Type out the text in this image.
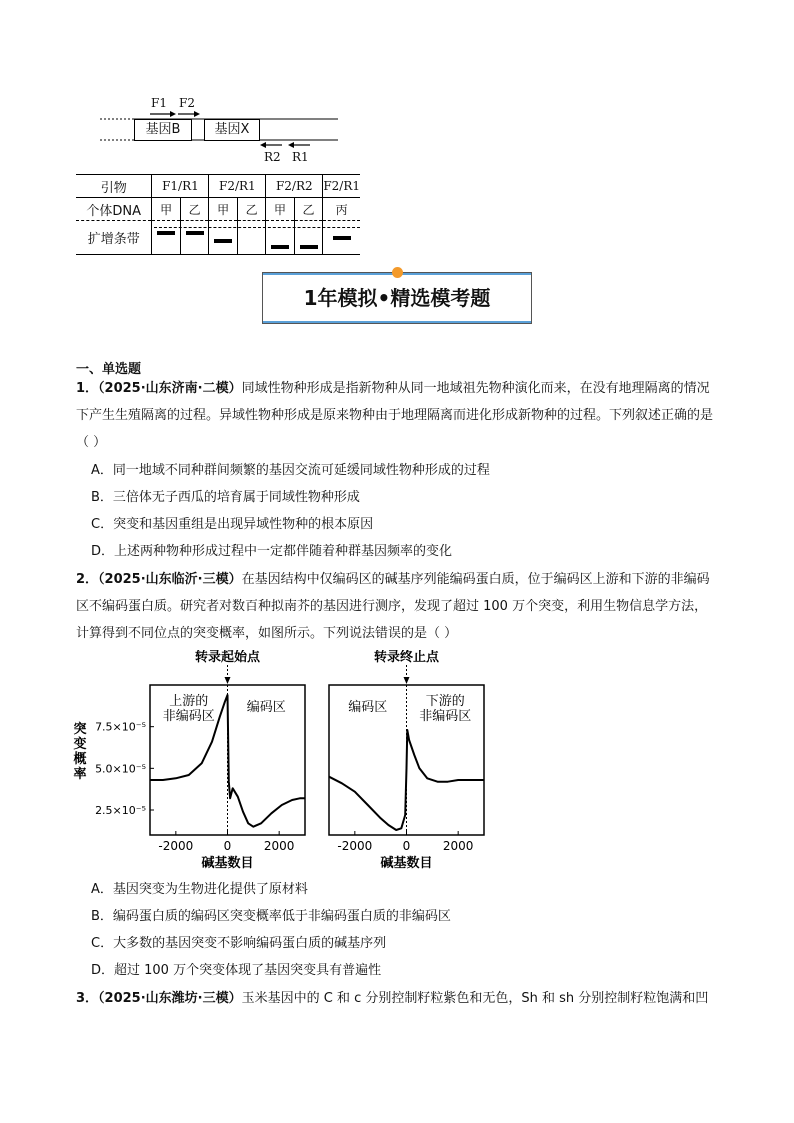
F1 F2
基因B	基因X
R2 R1
引物	F1/R1		F2/R1		F2/R2		F2/R1
个体DNA	甲	乙	甲	乙	甲	乙	丙
扩增条带							
1年模拟•精选模考题
一、单选题
1．（2025·山东济南·二模）同域性物种形成是指新物种从同一地域祖先物种演化而来，在没有地理隔离的情况下产生生殖隔离的过程。异域性物种形成是原来物种由于地理隔离而进化形成新物种的过程。下列叙述正确的是（ ）
A．同一地域不同种群间频繁的基因交流可延缓同域性物种形成的过程
B．三倍体无子西瓜的培育属于同域性物种形成
C．突变和基因重组是出现异域性物种的根本原因
D．上述两种物种形成过程中一定都伴随着种群基因频率的变化
2．（2025·山东临沂·三模）在基因结构中仅编码区的碱基序列能编码蛋白质，位于编码区上游和下游的非编码区不编码蛋白质。研究者对数百种拟南芥的基因进行测序，发现了超过 100 万个突变，利用生物信息学方法，计算得到不同位点的突变概率，如图所示。下列说法错误的是（ ）
转录起始点
上游的
非编码区
编码区
-2000	0	2000
碱基数目
7.5×10⁻⁵
5.0×10⁻⁵
2.5×10⁻⁵
突
变
概
率
转录终止点
编码区	下游的
非编码区
-2000	0	2000
碱基数目
A．基因突变为生物进化提供了原材料
B．编码蛋白质的编码区突变概率低于非编码蛋白质的非编码区
C．大多数的基因突变不影响编码蛋白质的碱基序列
D．超过 100 万个突变体现了基因突变具有普遍性
3．（2025·山东潍坊·三模）玉米基因中的 C 和 c 分别控制籽粒紫色和无色，Sh 和 sh 分别控制籽粒饱满和凹
